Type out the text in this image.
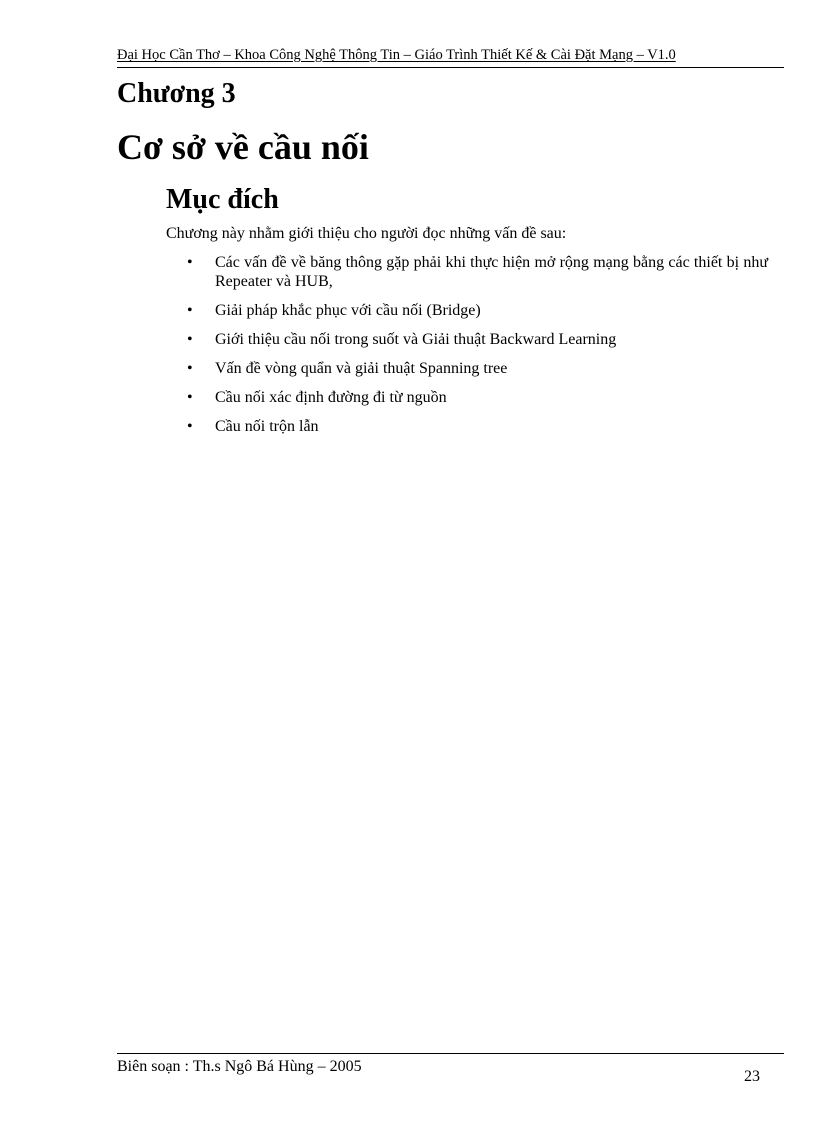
Đại Học Cần Thơ – Khoa Công Nghệ Thông Tin – Giáo Trình Thiết Kế & Cài Đặt Mạng – V1.0
Chương 3
Cơ sở về cầu nối
Mục đích

Chương này nhằm giới thiệu cho người đọc những vấn đề sau:

• Các vấn đề về băng thông gặp phải khi thực hiện mở rộng mạng bằng các thiết bị như Repeater và HUB,
• Giải pháp khắc phục với cầu nối (Bridge)
• Giới thiệu cầu nối trong suốt và Giải thuật Backward Learning
• Vấn đề vòng quẩn và giải thuật Spanning tree
• Cầu nối xác định đường đi từ nguồn
• Cầu nối trộn lẫn
Biên soạn : Th.s Ngô Bá Hùng – 2005
23
